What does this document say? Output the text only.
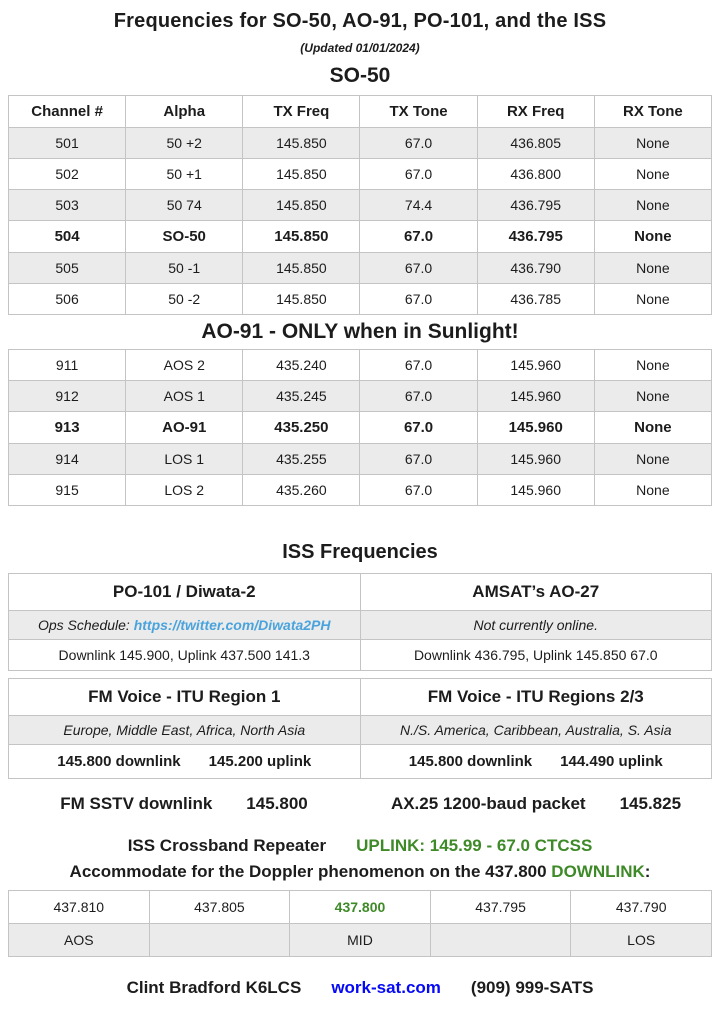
Frequencies for SO-50, AO-91, PO-101, and the ISS
(Updated 01/01/2024)
SO-50
Channel #	Alpha	TX Freq	TX Tone	RX Freq	RX Tone
501	50 +2	145.850	67.0	436.805	None
502	50 +1	145.850	67.0	436.800	None
503	50 74	145.850	74.4	436.795	None
504	SO-50	145.850	67.0	436.795	None
505	50 -1	145.850	67.0	436.790	None
506	50 -2	145.850	67.0	436.785	None
AO-91 - ONLY when in Sunlight!
911	AOS 2	435.240	67.0	145.960	None
912	AOS 1	435.245	67.0	145.960	None
913	AO-91	435.250	67.0	145.960	None
914	LOS 1	435.255	67.0	145.960	None
915	LOS 2	435.260	67.0	145.960	None
ISS Frequencies
PO-101 / Diwata-2	AMSAT’s AO-27
Ops Schedule: https://twitter.com/Diwata2PH	Not currently online.
Downlink 145.900, Uplink 437.500 141.3	Downlink 436.795, Uplink 145.850 67.0
FM Voice - ITU Region 1	FM Voice - ITU Regions 2/3
Europe, Middle East, Africa, North Asia	N./S. America, Caribbean, Australia, S. Asia

145.800 downlink 145.200 uplink	145.800 downlink 144.490 uplink
FM SSTV downlink 145.800	AX.25 1200-baud packet 145.825
ISS Crossband Repeater UPLINK: 145.99 - 67.0 CTCSS
Accommodate for the Doppler phenomenon on the 437.800 DOWNLINK:
437.810	437.805	437.800	437.795	437.790
AOS		MID		LOS
Clint Bradford K6LCS work-sat.com (909) 999-SATS
